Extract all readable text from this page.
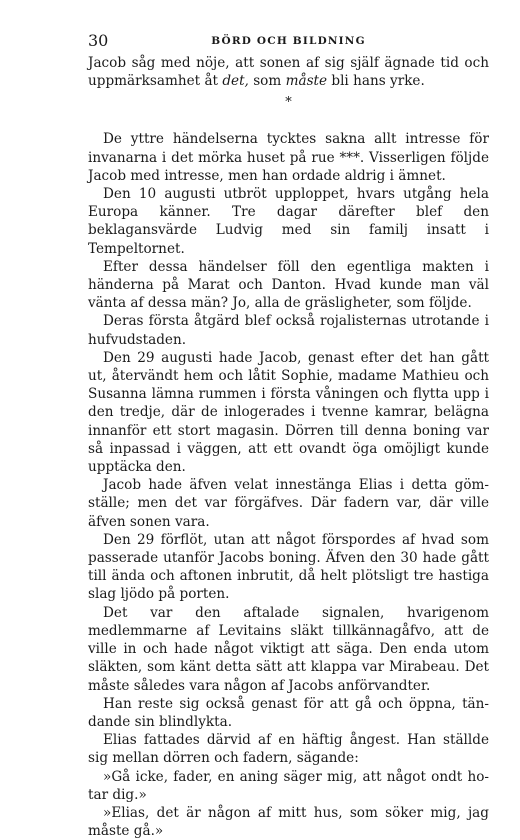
30	BÖRD OCH BILDNING

Jacob såg med nöje, att sonen af sig själf ägnade tid och uppmärksamhet åt det, som måste bli hans yrke.

*

De yttre händelserna tycktes sakna allt intresse för invanarna i det mörka huset på rue ***. Visserligen följde Jacob med intresse, men han ordade aldrig i ämnet.

Den 10 augusti utbröt upploppet, hvars utgång hela Europa känner. Tre dagar därefter blef den beklagansvärde Ludvig med sin familj insatt i Tempeltornet.

Efter dessa händelser föll den egentliga makten i händerna på Marat och Danton. Hvad kunde man väl vänta af dessa män? Jo, alla de gräsligheter, som följde.

Deras första åtgärd blef också rojalisternas utrotande i hufvudstaden.

Den 29 augusti hade Jacob, genast efter det han gått ut, återvändt hem och låtit Sophie, madame Mathieu och Susanna lämna rummen i första våningen och flytta upp i den tredje, där de inlogerades i tvenne kamrar, belägna innanför ett stort magasin. Dörren till denna boning var så inpassad i väggen, att ett ovandt öga omöjligt kunde upptäcka den.

Jacob hade äfven velat innestänga Elias i detta gömställe; men det var förgäfves. Där fadern var, där ville äfven sonen vara.

Den 29 förflöt, utan att något förspordes af hvad som passerade utanför Jacobs boning. Äfven den 30 hade gått till ända och aftonen inbrutit, då helt plötsligt tre hastiga slag ljödo på porten.

Det var den aftalade signalen, hvarigenom medlemmarne af Levitains släkt tillkännagåfvo, att de ville in och hade något viktigt att säga. Den enda utom släkten, som känt detta sätt att klappa var Mirabeau. Det måste således vara någon af Jacobs anförvandter.

Han reste sig också genast för att gå och öppna, tändande sin blindlykta.

Elias fattades därvid af en häftig ångest. Han ställde sig mellan dörren och fadern, sägande:

»Gå icke, fader, en aning säger mig, att något ondt hotar dig.»

»Elias, det är någon af mitt hus, som söker mig, jag måste gå.»
